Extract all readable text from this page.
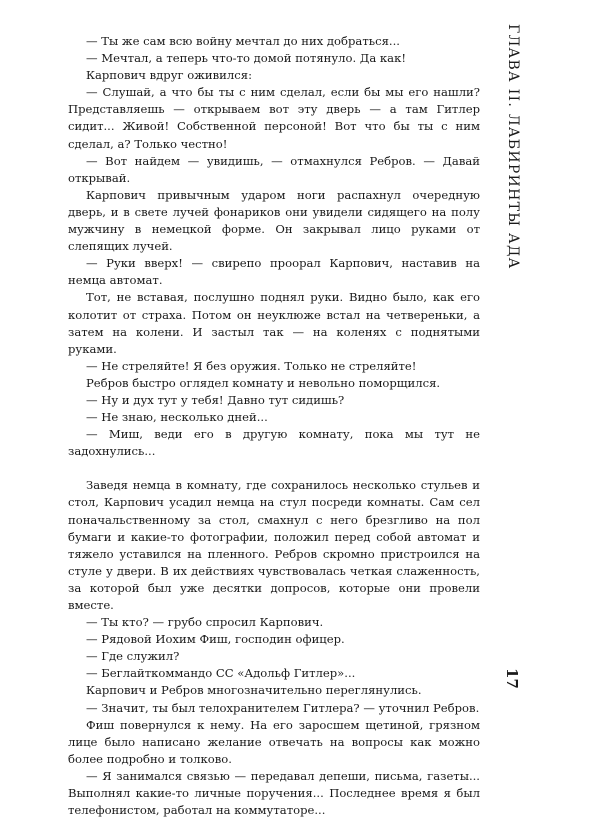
— Ты же сам всю войну мечтал до них добраться...

— Мечтал, а теперь что-то домой потянуло. Да как!

Карпович вдруг оживился:

— Слушай, а что бы ты с ним сделал, если бы мы его нашли? Представляешь — открываем вот эту дверь — а там Гитлер сидит... Живой! Собственной персоной! Вот что бы ты с ним сделал, а? Только честно!

— Вот найдем — увидишь, — отмахнулся Ребров. — Давай открывай.

Карпович привычным ударом ноги распахнул очередную дверь, и в свете лучей фонариков они увидели сидящего на полу мужчину в немецкой форме. Он закрывал лицо руками от слепящих лучей.

— Руки вверх! — свирепо проорал Карпович, наставив на немца автомат.

Тот, не вставая, послушно поднял руки. Видно было, как его колотит от страха. Потом он неуклюже встал на четвереньки, а затем на колени. И застыл так — на коленях с поднятыми руками.

— Не стреляйте! Я без оружия. Только не стреляйте!

Ребров быстро оглядел комнату и невольно поморщился.

— Ну и дух тут у тебя! Давно тут сидишь?

— Не знаю, несколько дней...

— Миш, веди его в другую комнату, пока мы тут не задохнулись...

Заведя немца в комнату, где сохранилось несколько стульев и стол, Карпович усадил немца на стул посреди комнаты. Сам сел поначальственному за стол, смахнул с него брезгливо на пол бумаги и какие-то фотографии, положил перед собой автомат и тяжело уставился на пленного. Ребров скромно пристроился на стуле у двери. В их действиях чувствовалась четкая слаженность, за которой был уже десятки допросов, которые они провели вместе.

— Ты кто? — грубо спросил Карпович.

— Рядовой Иохим Фиш, господин офицер.

— Где служил?

— Беглайткоммандо СС «Адольф Гитлер»...

Карпович и Ребров многозначительно переглянулись.

— Значит, ты был телохранителем Гитлера? — уточнил Ребров.

Фиш повернулся к нему. На его заросшем щетиной, грязном лице было написано желание отвечать на вопросы как можно более подробно и толково.

— Я занимался связью — передавал депеши, письма, газеты... Выполнял какие-то личные поручения... Последнее время я был телефонистом, работал на коммутаторе...

ГЛАВА II. ЛАБИРИНТЫ АДА
17
